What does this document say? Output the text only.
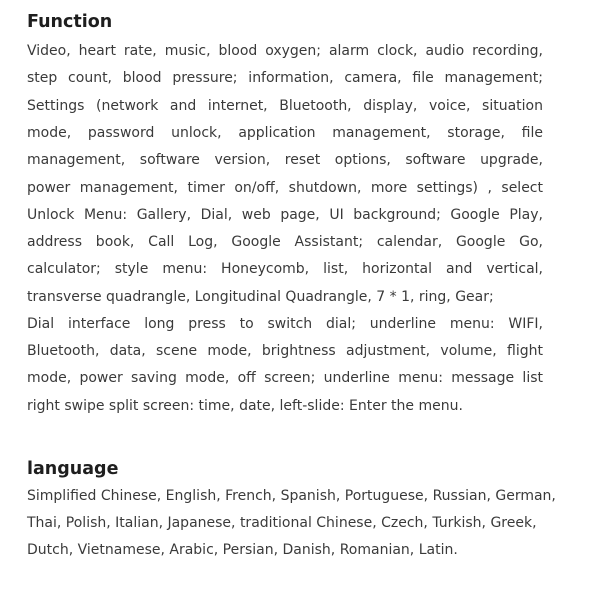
Function
Video, heart rate, music, blood oxygen; alarm clock, audio recording,
step count, blood pressure; information, camera, file management;
Settings (network and internet, Bluetooth, display, voice, situation
mode, password unlock, application management, storage, file
management, software version, reset options, software upgrade,
power management, timer on/off, shutdown, more settings) , select
Unlock Menu: Gallery, Dial, web page, UI background; Google Play,
address book, Call Log, Google Assistant; calendar, Google Go,
calculator; style menu: Honeycomb, list, horizontal and vertical,
transverse quadrangle, Longitudinal Quadrangle, 7 * 1, ring, Gear;
Dial interface long press to switch dial; underline menu: WIFI,
Bluetooth, data, scene mode, brightness adjustment, volume, flight
mode, power saving mode, off screen; underline menu: message list
right swipe split screen: time, date, left-slide: Enter the menu.
language
Simplified Chinese, English, French, Spanish, Portuguese, Russian, German, Thai, Polish, Italian, Japanese, traditional Chinese, Czech, Turkish, Greek, Dutch, Vietnamese, Arabic, Persian, Danish, Romanian, Latin.
